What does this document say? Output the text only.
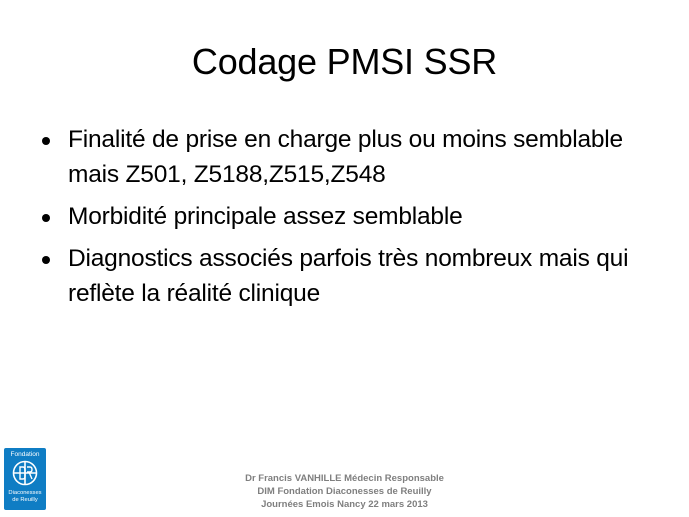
Codage PMSI SSR
Finalité de prise en charge plus ou moins semblable mais Z501, Z5188,Z515,Z548
Morbidité principale assez semblable
Diagnostics associés parfois très nombreux mais qui reflète la réalité clinique
Fondation
Diaconesses
de Reuilly
Dr Francis VANHILLE Médecin Responsable
DIM Fondation Diaconesses de Reuilly
Journées Emois Nancy 22 mars 2013
